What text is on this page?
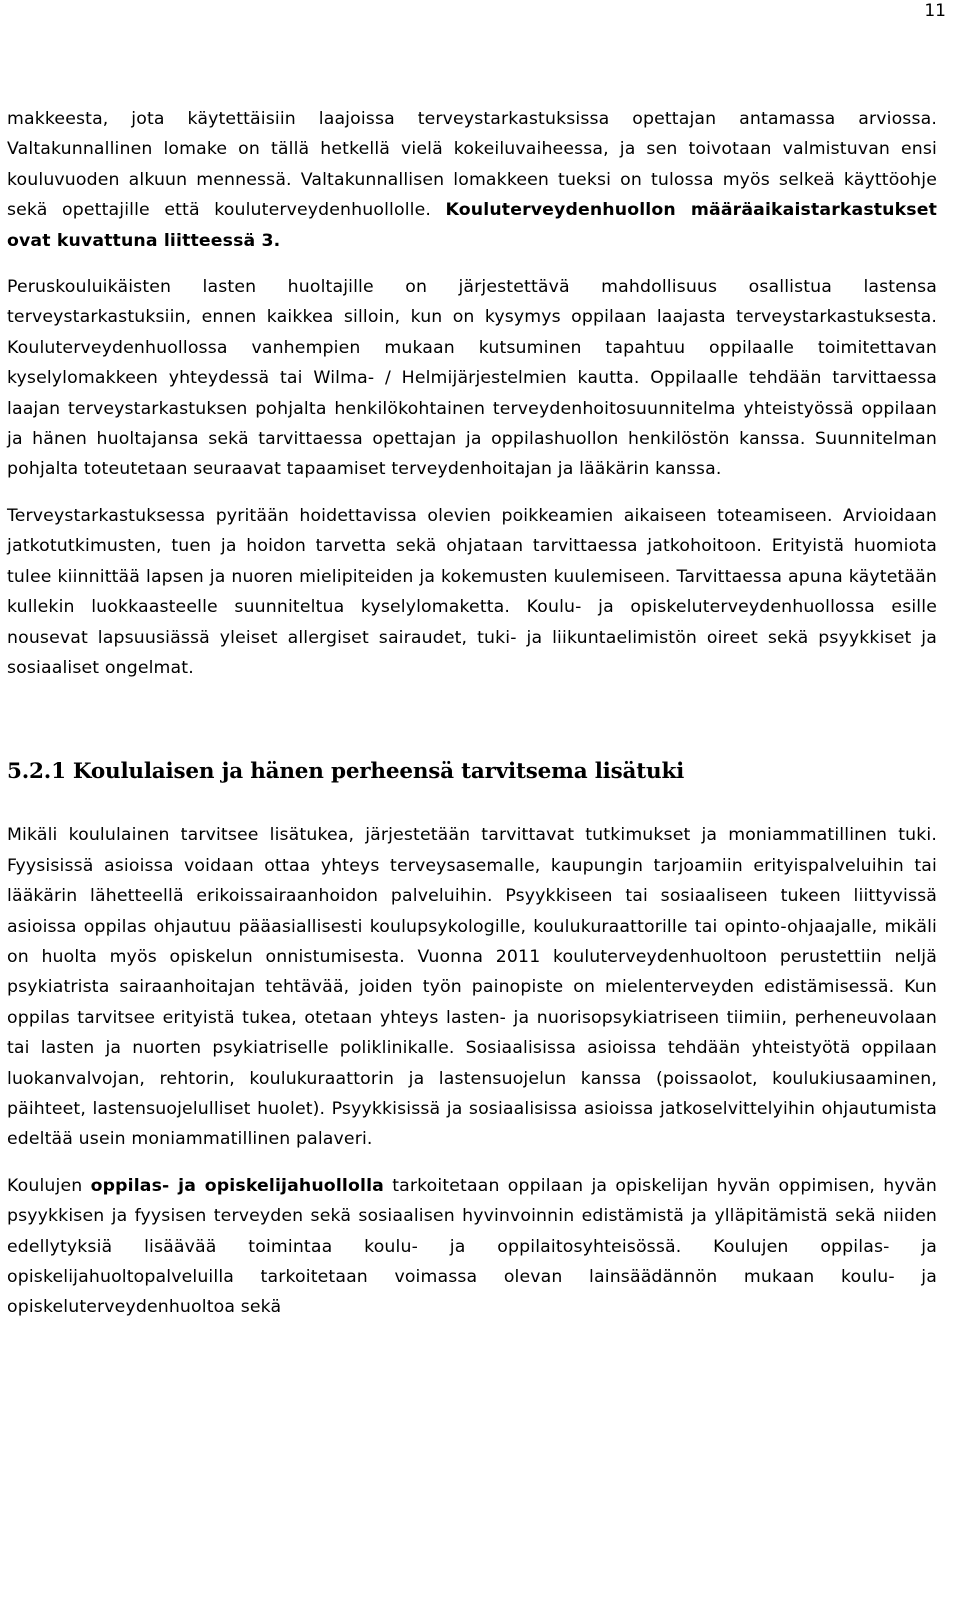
11

makkeesta, jota käytettäisiin laajoissa terveystarkastuksissa opettajan antamassa arviossa. Valtakunnallinen lomake on tällä hetkellä vielä kokeiluvaiheessa, ja sen toivotaan valmistuvan ensi kouluvuoden alkuun mennessä. Valtakunnallisen lomakkeen tueksi on tulossa myös selkeä käyttöohje sekä opettajille että kouluterveydenhuollolle. Kouluterveydenhuollon määräaikaistarkastukset ovat kuvattuna liitteessä 3.

Peruskouluikäisten lasten huoltajille on järjestettävä mahdollisuus osallistua lastensa terveystarkastuksiin, ennen kaikkea silloin, kun on kysymys oppilaan laajasta terveystarkastuksesta. Kouluterveydenhuollossa vanhempien mukaan kutsuminen tapahtuu oppilaalle toimitettavan kyselylomakkeen yhteydessä tai Wilma- / Helmijärjestelmien kautta. Oppilaalle tehdään tarvittaessa laajan terveystarkastuksen pohjalta henkilökohtainen terveydenhoitosuunnitelma yhteistyössä oppilaan ja hänen huoltajansa sekä tarvittaessa opettajan ja oppilashuollon henkilöstön kanssa. Suunnitelman pohjalta toteutetaan seuraavat tapaamiset terveydenhoitajan ja lääkärin kanssa.

Terveystarkastuksessa pyritään hoidettavissa olevien poikkeamien aikaiseen toteamiseen. Arvioidaan jatkotutkimusten, tuen ja hoidon tarvetta sekä ohjataan tarvittaessa jatkohoitoon. Erityistä huomiota tulee kiinnittää lapsen ja nuoren mielipiteiden ja kokemusten kuulemiseen. Tarvittaessa apuna käytetään kullekin luokkaasteelle suunniteltua kyselylomaketta. Koulu- ja opiskeluterveydenhuollossa esille nousevat lapsuusiässä yleiset allergiset sairaudet, tuki- ja liikuntaelimistön oireet sekä psyykkiset ja sosiaaliset ongelmat.

5.2.1 Koululaisen ja hänen perheensä tarvitsema lisätuki

Mikäli koululainen tarvitsee lisätukea, järjestetään tarvittavat tutkimukset ja moniammatillinen tuki. Fyysisissä asioissa voidaan ottaa yhteys terveysasemalle, kaupungin tarjoamiin erityispalveluihin tai lääkärin lähetteellä erikoissairaanhoidon palveluihin. Psyykkiseen tai sosiaaliseen tukeen liittyvissä asioissa oppilas ohjautuu pääasiallisesti koulupsykologille, koulukuraattorille tai opinto-ohjaajalle, mikäli on huolta myös opiskelun onnistumisesta. Vuonna 2011 kouluterveydenhuoltoon perustettiin neljä psykiatrista sairaanhoitajan tehtävää, joiden työn painopiste on mielenterveyden edistämisessä. Kun oppilas tarvitsee erityistä tukea, otetaan yhteys lasten- ja nuorisopsykiatriseen tiimiin, perheneuvolaan tai lasten ja nuorten psykiatriselle poliklinikalle. Sosiaalisissa asioissa tehdään yhteistyötä oppilaan luokanvalvojan, rehtorin, koulukuraattorin ja lastensuojelun kanssa (poissaolot, koulukiusaaminen, päihteet, lastensuojelulliset huolet). Psyykkisissä ja sosiaalisissa asioissa jatkoselvittelyihin ohjautumista edeltää usein moniammatillinen palaveri.

Koulujen oppilas- ja opiskelijahuollolla tarkoitetaan oppilaan ja opiskelijan hyvän oppimisen, hyvän psyykkisen ja fyysisen terveyden sekä sosiaalisen hyvinvoinnin edistämistä ja ylläpitämistä sekä niiden edellytyksiä lisäävää toimintaa koulu- ja oppilaitosyhteisössä. Koulujen oppilas- ja opiskelijahuoltopalveluilla tarkoitetaan voimassa olevan lainsäädännön mukaan koulu- ja opiskeluterveydenhuoltoa sekä
